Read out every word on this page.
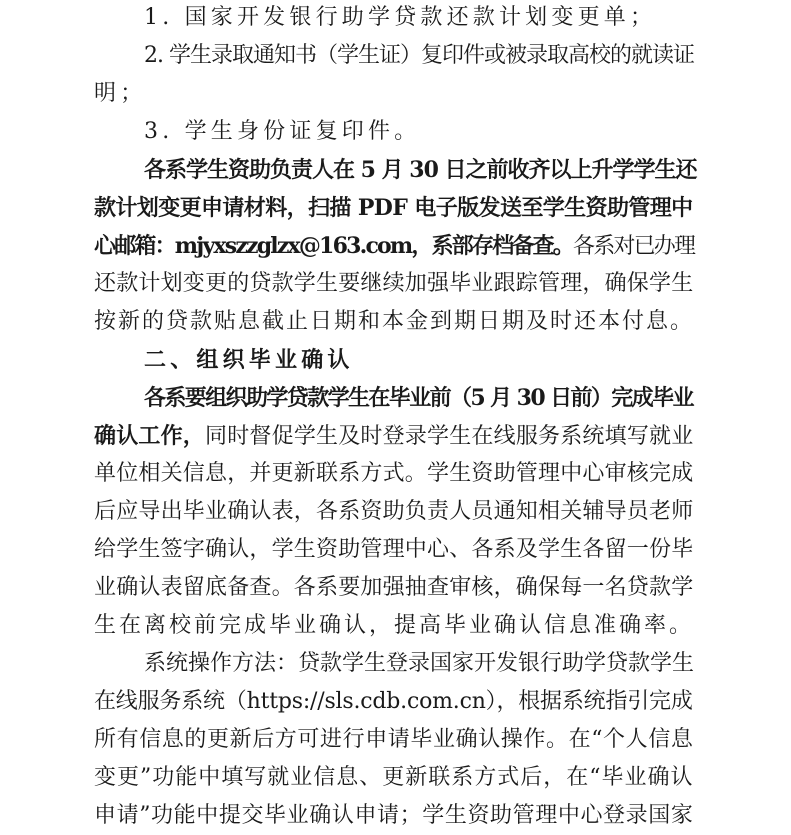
1. 国家开发银行助学贷款还款计划变更单；
2. 学生录取通知书（学生证）复印件或被录取高校的就读证
明；
3. 学生身份证复印件。
各系学生资助负责人在 5 月 30 日之前收齐以上升学学生还
款计划变更申请材料，扫描 PDF 电子版发送至学生资助管理中
心邮箱：mjyxszzglzx@163.com，系部存档备查。各系对已办理
还款计划变更的贷款学生要继续加强毕业跟踪管理，确保学生
按新的贷款贴息截止日期和本金到期日期及时还本付息。
二、组织毕业确认
各系要组织助学贷款学生在毕业前（5 月 30 日前）完成毕业
确认工作，同时督促学生及时登录学生在线服务系统填写就业
单位相关信息，并更新联系方式。学生资助管理中心审核完成
后应导出毕业确认表，各系资助负责人员通知相关辅导员老师
给学生签字确认，学生资助管理中心、各系及学生各留一份毕
业确认表留底备查。各系要加强抽查审核，确保每一名贷款学
生在离校前完成毕业确认，提高毕业确认信息准确率。
系统操作方法：贷款学生登录国家开发银行助学贷款学生
在线服务系统（https://sls.cdb.com.cn），根据系统指引完成
所有信息的更新后方可进行申请毕业确认操作。在“个人信息
变更”功能中填写就业信息、更新联系方式后，在“毕业确认
申请”功能中提交毕业确认申请；学生资助管理中心登录国家
